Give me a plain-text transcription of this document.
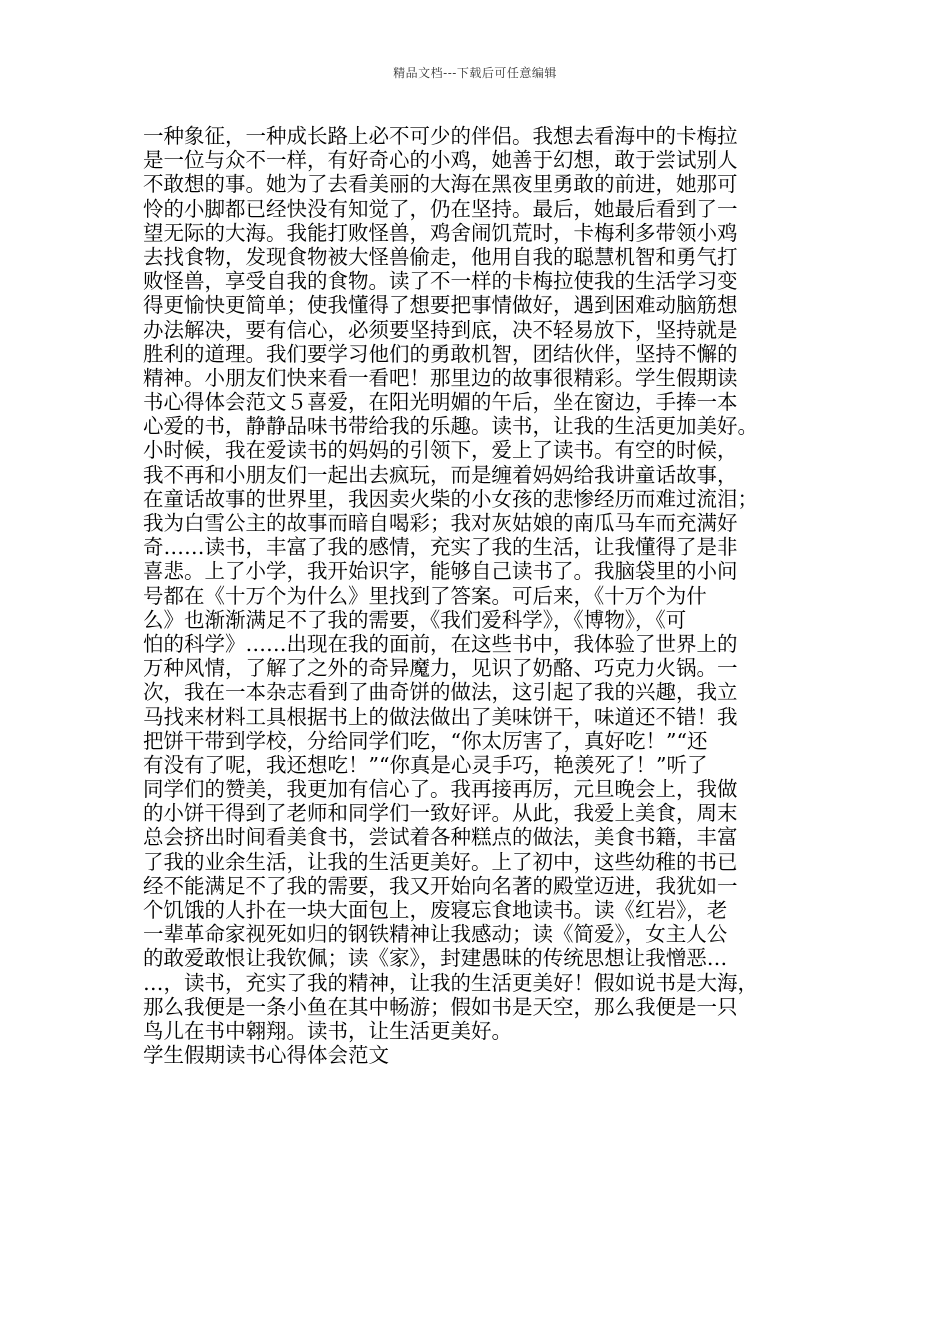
精品文档---下载后可任意编辑
一种象征，一种成长路上必不可少的伴侣。我想去看海中的卡梅拉
是一位与众不一样，有好奇心的小鸡，她善于幻想，敢于尝试别人
不敢想的事。她为了去看美丽的大海在黑夜里勇敢的前进，她那可
怜的小脚都已经快没有知觉了，仍在坚持。最后，她最后看到了一
望无际的大海。我能打败怪兽，鸡舍闹饥荒时，卡梅利多带领小鸡
去找食物，发现食物被大怪兽偷走，他用自我的聪慧机智和勇气打
败怪兽，享受自我的食物。读了不一样的卡梅拉使我的生活学习变
得更愉快更简单；使我懂得了想要把事情做好，遇到困难动脑筋想
办法解决，要有信心，必须要坚持到底，决不轻易放下，坚持就是
胜利的道理。我们要学习他们的勇敢机智，团结伙伴，坚持不懈的
精神。小朋友们快来看一看吧！那里边的故事很精彩。学生假期读
书心得体会范文５喜爱，在阳光明媚的午后，坐在窗边，手捧一本
心爱的书，静静品味书带给我的乐趣。读书，让我的生活更加美好。
小时候，我在爱读书的妈妈的引领下，爱上了读书。有空的时候，
我不再和小朋友们一起出去疯玩，而是缠着妈妈给我讲童话故事，
在童话故事的世界里，我因卖火柴的小女孩的悲惨经历而难过流泪；
我为白雪公主的故事而暗自喝彩；我对灰姑娘的南瓜马车而充满好
奇……读书，丰富了我的感情，充实了我的生活，让我懂得了是非
喜悲。上了小学，我开始识字，能够自己读书了。我脑袋里的小问
号都在《十万个为什么》里找到了答案。可后来，《十万个为什
么》也渐渐满足不了我的需要，《我们爱科学》，《博物》，《可
怕的科学》……出现在我的面前，在这些书中，我体验了世界上的
万种风情，了解了之外的奇异魔力，见识了奶酪、巧克力火锅。一
次，我在一本杂志看到了曲奇饼的做法，这引起了我的兴趣，我立
马找来材料工具根据书上的做法做出了美味饼干，味道还不错！我
把饼干带到学校，分给同学们吃，“你太厉害了，真好吃！”“还
有没有了呢，我还想吃！”“你真是心灵手巧，艳羡死了！”听了
同学们的赞美，我更加有信心了。我再接再厉，元旦晚会上，我做
的小饼干得到了老师和同学们一致好评。从此，我爱上美食，周末
总会挤出时间看美食书，尝试着各种糕点的做法，美食书籍，丰富
了我的业余生活，让我的生活更美好。上了初中，这些幼稚的书已
经不能满足不了我的需要，我又开始向名著的殿堂迈进，我犹如一
个饥饿的人扑在一块大面包上，废寝忘食地读书。读《红岩》，老
一辈革命家视死如归的钢铁精神让我感动；读《简爱》，女主人公
的敢爱敢恨让我钦佩；读《家》，封建愚昧的传统思想让我憎恶…
…，读书，充实了我的精神，让我的生活更美好！假如说书是大海，
那么我便是一条小鱼在其中畅游；假如书是天空，那么我便是一只
鸟儿在书中翱翔。读书，让生活更美好。
学生假期读书心得体会范文
